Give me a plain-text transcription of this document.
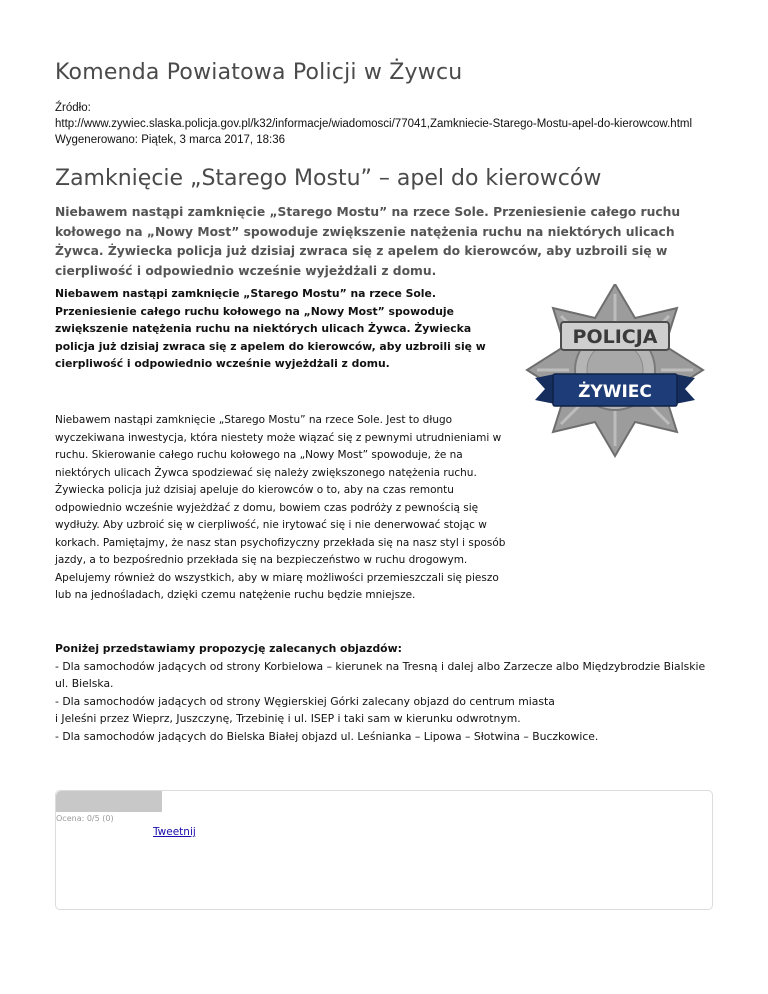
Komenda Powiatowa Policji w Żywcu
Źródło:
http://www.zywiec.slaska.policja.gov.pl/k32/informacje/wiadomosci/77041,Zamkniecie-Starego-Mostu-apel-do-kierowcow.html
Wygenerowano: Piątek, 3 marca 2017, 18:36
Zamknięcie „Starego Mostu” – apel do kierowców

Niebawem nastąpi zamknięcie „Starego Mostu” na rzece Sole. Przeniesienie całego ruchu kołowego na „Nowy Most” spowoduje zwiększenie natężenia ruchu na niektórych ulicach Żywca. Żywiecka policja już dzisiaj zwraca się z apelem do kierowców, aby uzbroili się w cierpliwość i odpowiednio wcześnie wyjeżdżali z domu.

Niebawem nastąpi zamknięcie „Starego Mostu” na rzece Sole. Przeniesienie całego ruchu kołowego na „Nowy Most” spowoduje zwiększenie natężenia ruchu na niektórych ulicach Żywca. Żywiecka policja już dzisiaj zwraca się z apelem do kierowców, aby uzbroili się w cierpliwość i odpowiednio wcześnie wyjeżdżali z domu.

POLICJA
ŻYWIEC

Niebawem nastąpi zamknięcie „Starego Mostu” na rzece Sole. Jest to długo wyczekiwana inwestycja, która niestety może wiązać się z pewnymi utrudnieniami w ruchu. Skierowanie całego ruchu kołowego na „Nowy Most” spowoduje, że na niektórych ulicach Żywca spodziewać się należy zwiększonego natężenia ruchu. Żywiecka policja już dzisiaj apeluje do kierowców o to, aby na czas remontu odpowiednio wcześnie wyjeżdżać z domu, bowiem czas podróży z pewnością się wydłuży. Aby uzbroić się w cierpliwość, nie irytować się i nie denerwować stojąc w korkach. Pamiętajmy, że nasz stan psychofizyczny przekłada się na nasz styl i sposób jazdy, a to bezpośrednio przekłada się na bezpieczeństwo w ruchu drogowym. Apelujemy również do wszystkich, aby w miarę możliwości przemieszczali się pieszo lub na jednośladach, dzięki czemu natężenie ruchu będzie mniejsze.

Poniżej przedstawiamy propozycję zalecanych objazdów:

- Dla samochodów jadących od strony Korbielowa – kierunek na Tresną i dalej albo Zarzecze albo Międzybrodzie Bialskie ul. Bielska.

- Dla samochodów jadących od strony Węgierskiej Górki zalecany objazd do centrum miasta

i Jeleśni przez Wieprz, Juszczynę, Trzebinię i ul. ISEP i taki sam w kierunku odwrotnym.

- Dla samochodów jadących do Bielska Białej objazd ul. Leśnianka – Lipowa – Słotwina – Buczkowice.

Ocena: 0/5 (0)
Tweetnij
